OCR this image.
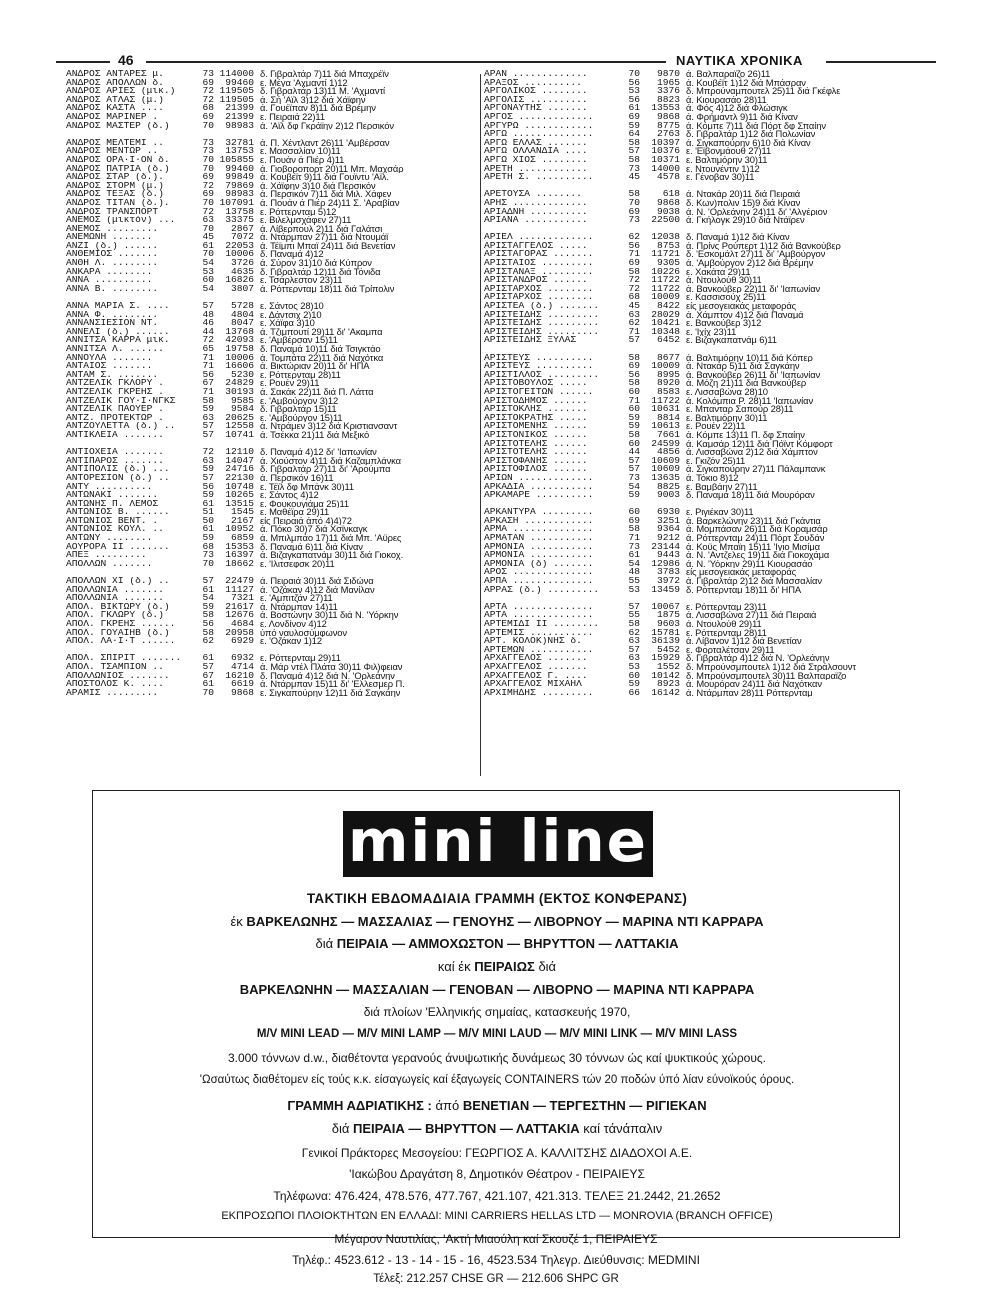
46	ΝΑΥΤΙΚΑ ΧΡΟΝΙΚΑ
ΑΝΔΡΟΣ ΑΝΤΑΡΕΣ μ.	73 114000 δ. Γιβραλτάρ 7)11 διά Μπαχρέϊν
ΑΝΔΡΟΣ ΑΠΟΛΛΩΝ δ.	69	99460 ε. Μέγα 'Αχμαντί 1)12
ΑΝΔΡΟΣ ΑΡΙΕΣ (μικ.)	72 119505 δ. Γιβραλτάρ 13)11 Μ. 'Αχμαντί
ΑΝΔΡΟΣ ΑΤΛΑΣ (μ.)	72 119505 ά. Σή 'Αϊλ 3)12 διά Χάϊφην
ΑΝΔΡΟΣ ΚΑΣΤΑ ....	68	21399 ά. Γουέϊπαν 8)11 διά Βρέμην
ΑΝΔΡΟΣ ΜΑΡΙΝΕΡ .	69	21399 ε. Πειραιά 22)11
ΑΝΔΡΟΣ ΜΑΣΤΕΡ (δ.)	70	98983 ά. 'Αϊλ δφ Γκράϊην 2)12 Περσικόν
ΑΝΔΡΟΣ ΜΕΛΤΕΜΙ ..	73	32781 ά. Π. Χέντλαντ 26)11 'Αμβέρσαν
ΑΝΔΡΟΣ ΜΕΝΤΩΡ ..	73	13753 ε. Μασσαλίαν 10)11
ΑΝΔΡΟΣ ΟΡΑ·Ι·ΟΝ δ.	70 105855 ε. Πουάν ά Πιέρ 4)11
ΑΝΔΡΟΣ ΠΑΤΡΙΑ (δ.)	70	99460 ά. Γιοβοροπορτ 20)11 Μπ. Μαχσάρ
ΑΝΔΡΟΣ ΣΤΑΡ (δ.).	69	99849 ά. Κουβέϊτ 9)11 διά Γουϊντυ 'Αϊλ.
ΑΝΔΡΟΣ ΣΤΟΡΜ (μ.)	72	79869 ά. Χάϊφην 3)10 διά Περσικόν
ΑΝΔΡΟΣ ΤΕΞΑΣ (δ.)	69	98983 ά. Περσικόν 7)11 διά Μιλ. Χάφεν
ΑΝΔΡΟΣ ΤΙΤΑΝ (δ.).	70 107091 ά. Πουάν ά Πιέρ 24)11 Σ. 'Αραβίαν
ΑΝΔΡΟΣ ΤΡΑΝΣΠΟΡΤ	72	13758 ε. Ρόττερνταμ 5)12
ΑΝΕΜΟΣ (μικτόν) ...	63	33375 ε. Βιλελμσχάφεν 27)11
ΑΝΕΜΟΣ .........	70	2867 ά. Λίβερπουλ 2)11 διά Γαλάτσι
ΑΝΕΜΩΝΗ .......	45	7072 ά. Ντάρμπαν 27)11 διά Ντουμάϊ
ΑΝΖΙ (δ.) ......	61	22053 ά. Τέϊμπι Μπαϊ 24)11 διά Βενετίαν
ΑΝΘΕΜΙΟΣ .......	70	10006 δ. Παναμά 4)12
ΑΝΘΗ Λ. ........	54	3726 ά. Σύρον 31)10 διά Κύπρον
ΑΝΚΑΡΑ ........	53	4635 δ. Γιβραλτάρ 12)11 διά Τόνιδα
ΑΝΝΑ ..........	60	16826 ε. Τσάρλεστον 23)11
ΑΝΝΑ Β. ........	54	3807 ά. Ρόττερνταμ 18)11 διά Τρίπολιν
ΑΝΝΑ ΜΑΡΙΑ Σ. ....	57	5728 ε. Σάντος 28)10
ΑΝΝΑ Φ. ........	48	4804 ε. Δάντσιχ 2)10
ΑΝΝΑΝΣΙΕΣΙΟΝ ΝΤ.	46	8047 ε. Χάϊφα 3)10
ΑΝΝΕΛΙ (δ.) ......	44	13768 ά. Τζιμπουτί 29)11 δι' 'Ακαμπα
ΑΝΝΙΤΣΑ ΚΑΡΡΑ μικ.	72	42093 ε. 'Αμβέρσαν 15)11
ΑΝΝΙΤΣΑ Λ. ......	65	19758 δ. Παναμά 10)11 διά Τσιγκτάο
ΑΝΝΟΥΛΑ .......	71	10006 ά. Τομπάτα 22)11 διά Ναχότκα
ΑΝΤΑΙΟΣ .......	71	16606 ά. Βικτώριαν 20)11 δι' ΗΠΑ
ΑΝΤΑΜ Σ. .......	56	5230 ε. Ρόττερνταμ 28)11
ΑΝΤΖΕΛΙΚ ΓΚΛΟΡΥ .	67	24829 ε. Ρουέν 29)11
ΑΝΤΖΕΛΙΚ ΓΚΡΕΗΣ .	71	30193 ά. Σακάκ 22)11 διά Π. Λάττα
ΑΝΤΖΕΛΙΚ ΓΟΥ·Ι·ΝΓΚΣ	58	9585 ε. 'Αμβούργον 3)12
ΑΝΤΖΕΛΙΚ ΠΑΟΥΕΡ .	59	9584 δ. Γιβραλτάρ 15)11
ΑΝΤΖ. ΠΡΟΤΕΚΤΩΡ .	63	20625 ε. 'Αμβούργον 15)11
ΑΝΤΖΟΥΛΕΤΤΑ (δ.) ..	57	12558 ά. Ντράμεν 3)12 διά Κριστιανσαντ
ΑΝΤΙΚΛΕΙΑ .......	57	10741 ά. Τσέκκα 21)11 διά Μεξικό
ΑΝΤΙΟΧΕΙΑ .......	72	12110 δ. Παναμά 4)12 δι' 'Ιαπωνίαν
ΑΝΤΙΠΑΡΟΣ .......	63	14047 ά. Χιούστον 4)11 διά Καζαμπλάνκα
ΑΝΤΙΠΟΛΙΣ (δ.) ...	59	24716 δ. Γιβραλτάρ 27)11 δι' 'Αρούμπα
ΑΝΤΟΡΕΣΙΟΝ (δ.) ..	57	22130 ά. Περσικόν 16)11
ΑΝΤΥ ..........	56	10748 ε. Τέϊλ δφ Μπάνκ 30)11
ΑΝΤΩΝΑΚΙ .......	59	10265 ε. Σάντος 4)12
ΑΝΤΩΝΗΣ Π. ΛΕΜΟΣ	61	13515 ε. Φουκουγιάμα 25)11
ΑΝΤΩΝΙΟΣ Β. ......	51	1545 ε. Μαθέϊρα 29)11
ΑΝΤΩΝΙΟΣ ΒΕΝΤ. .	50	2167 είς Πειραιά άπό 4)4)72
ΑΝΤΩΝΙΟΣ ΚΟΥΛ. ..	61	10952 ά. Πόκο 30)7 διά Χσϊνκαγκ
ΑΝΤΩΝΥ ........	59	6859 ά. Μπιλμπάο 17)11 διά Μπ. 'Αϋρες
ΑΟΥΡΟΡΑ ΙΙ .......	68	15353 δ. Παναμά 6)11 διά Κίναν
ΑΠΕΞ .........	73	16397 ά. Βιζαγκαπατνάμ 30)11 διά Γιοκοχ.
ΑΠΟΛΛΩΝ .......	70	18662 ε. 'Ιλιτσεφσκ 20)11
ΑΠΟΛΛΩΝ ΧΙ (δ.) ..	57	22479 ά. Πειραιά 30)11 διά Σιδώνα
ΑΠΟΛΛΩΝΙΑ .......	61	11127 ά. 'Οζάκαν 4)12 διά Μανίλαν
ΑΠΟΛΛΩΝΙΑ .......	54	7321 ε. 'Αμπιτζάν 27)11
ΑΠΟΛ. ΒΙΚΤΩΡΥ (δ.)	59	21617 ά. Ντάρμπαν 14)11
ΑΠΟΛ. ΓΚΛΩΡΥ (δ.)	58	12676 ά. Βοστώνην 30)11 διά Ν. 'Υόρκην
ΑΠΟΛ. ΓΚΡΕΗΣ ......	56	4684 ε. Λονδίνον 4)12
ΑΠΟΛ. ΓΟΥΑΙΗΒ (δ.)	58	20958 ύπό ναυλοσύμφωνον
ΑΠΟΛ. ΛΑ·Ι·Τ ......	62	6929 ε. 'Οζάκαν 1)12
ΑΠΟΛ. ΣΠΙΡΙΤ .......	61	6932 ε. Ρόττερνταμ 29)11
ΑΠΟΛ. ΤΣΑΜΠΙΟΝ ..	57	4714 ά. Μάρ ντέλ Πλάτα 30)11 Φιλ)φειαν
ΑΠΟΛΛΩΝΙΟΣ .......	67	16210 δ. Παναμά 4)12 διά Ν. 'Ορλεάνην
ΑΠΟΣΤΟΛΟΣ Κ. ....	61	6619 ά. Ντάρμπαν 15)11 δι' 'Ελλεσμερ Π.
ΑΡΑΜΙΣ .........	70	9868 ε. Σιγκαπούρην 12)11 διά Σαγκάην
ΑΡΑΝ .............	70	9870 ά. Βαλπαραϊζο 26)11
ΑΡΑΞΟΣ ..........	56	1965 ά. Κουβέϊτ 1)12 διά Μπάσραν
ΑΡΓΟΛΙΚΟΣ ........	53	3376 δ. Μπρούναμπουτελ 25)11 διά Γκέφλε
ΑΡΓΟΛΙΣ ..........	56	8823 ά. Κιουρασάο 28)11
ΑΡΓΟΝΑΥΤΗΣ .......	61	13553 ά. Φός 4)12 διά Φλώσιγκ
ΑΡΓΟΣ .............	69	9868 ά. Φρήμαντλ 9)11 διά Κίναν
ΑΡΓΥΡΩ ............	59	8775 ά. Κόμπε 7)11 διά Πόρτ δφ Σπαίην
ΑΡΓΩ ..............	64	2763 δ. Γιβραλτάρ 1)12 διά Πολωνίαν
ΑΡΓΩ ΕΛΛΑΣ .......	58	10397 ά. Σιγκαπούρην 6)10 διά Κίναν
ΑΡΓΩ ΟΛΛΑΝΔΙΑ ....	57	10376 ε. 'Εϊβονμάουθ 27)11
ΑΡΓΩ ΧΙΟΣ ........	58	10371 ε. Βαλτιμόρην 30)11
ΑΡΕΤΗ ............	73	14000 ε. Ντουνέντιν 1)12
ΑΡΕΤΗ Σ. ..........	45	4578 ε. Γένοβαν 30)11
ΑΡΕΤΟΥΣΑ ........	58	618 ά. Ντακάρ 20)11 διά Πειραιά
ΑΡΗΣ .............	70	9868 δ. Κων)πολιν 15)9 διά Κίναν
ΑΡΙΑΔΝΗ ..........	69	9038 ά. Ν. 'Ορλεάνην 24)11 δι' 'Αλγέριον
ΑΡΙΑΝΑ ...........	73	22500 ά. Γκήλογκ 29)10 διά Ντάϊρεν
ΑΡΙΕΛ .............	62	12038 δ. Παναμά 1)12 διά Κίναν
ΑΡΙΣΤΑΓΓΕΛΟΣ .....	56	8753 ά. Πρίνς Ρούπερτ 1)12 διά Βανκούβερ
ΑΡΙΣΤΑΓΟΡΑΣ .......	71	11721 δ. 'Εσκομάλτ 27)11 δι' 'Αμβούργον
ΑΡΙΣΤΑΙΟΣ .........	69	9305 ά. 'Αμβούργον 2)12 διά Βρέμην
ΑΡΙΣΤΑΝΑΞ .........	58	10226 ε. Χακάτα 29)11
ΑΡΙΣΤΑΝΔΡΟΣ ......	72	11722 ά. Ντουλούθ 30)11
ΑΡΙΣΤΑΡΧΟΣ ........	72	11722 ά. Βανκούβερ 22)11 δι' 'Ιαπωνίαν
ΑΡΙΣΤΑΡΧΟΣ ........	68	10009 ε. Κασσισούχ 25)11
ΑΡΙΣΤΕΑ (δ.) .......	45	8422 είς μεσογειακάς μεταφοράς
ΑΡΙΣΤΕΙΔΗΣ .........	63	28029 ά. Χάμπτον 4)12 διά Παναμά
ΑΡΙΣΤΕΙΔΗΣ .........	62	10421 ε. Βανκούβερ 3)12
ΑΡΙΣΤΕΙΔΗΣ .........	71	10348 ε. 'Ιχίχ 23)11
ΑΡΙΣΤΕΙΔΗΣ ΞΥΛΑΣ	57	6452 ε. Βιζαγκαπατνάμ 6)11
ΑΡΙΣΤΕΥΣ ..........	58	8677 ά. Βαλτιμόρην 10)11 διά Κόπερ
ΑΡΙΣΤΕΥΣ ..........	69	10009 ά. Ντακάρ 5)11 διά Σαγκάην
ΑΡΙΣΤΙΛΛΟΣ .........	56	8995 ά. Βανκούβερ 26)11 δι' 'Ιαπωνίαν
ΑΡΙΣΤΟΒΟΥΛΟΣ .....	58	8920 ά. Μόζη 21)11 διά Βανκούβερ
ΑΡΙΣΤΟΓΕΙΤΩΝ ......	60	8583 ε. Λισσαβώνα 28)10
ΑΡΙΣΤΟΔΗΜΟΣ ......	71	11722 ά. Κολόμπια Ρ. 28)11 'Ιαπωνίαν
ΑΡΙΣΤΟΚΛΗΣ .......	60	10631 ε. Μπανταρ Σαπούρ 28)11
ΑΡΙΣΤΟΚΡΑΤΗΣ .....	59	8814 ε. Βαλτιμόρην 30)11
ΑΡΙΣΤΟΜΕΝΗΣ ......	59	10613 ε. Ρουέν 22)11
ΑΡΙΣΤΟΝΙΚΟΣ ......	58	7661 ά. Κόμπε 13)11 Π. δφ Σπαίην
ΑΡΙΣΤΟΤΕΛΗΣ ......	60	24599 ά. Καμσάρ 12)11 διά Πόϊντ Κόμφορτ
ΑΡΙΣΤΟΤΕΛΗΣ ......	44	4856 ά. Λισσαβώνα 2)12 διά Χάμπτον
ΑΡΙΣΤΟΦΑΝΗΣ ......	57	10609 ε. Γκιζόν 25)11
ΑΡΙΣΤΟΦΙΛΟΣ ......	57	10609 ά. Σιγκαπούρην 27)11 Πάλαμπανκ
ΑΡΙΩΝ .............	73	13635 ά. Τόκιο 8)12
ΑΡΚΑΔΙΑ ...........	54	8825 ε. Βαμβάην 27)11
ΑΡΚΑΜΑΡΕ ..........	59	9003 δ. Παναμά 18)11 διά Μουρόραν
ΑΡΚΑΝΤΥΡΑ .........	60	6930 ε. Ριγιέκαν 30)11
ΑΡΚΑΣΗ ............	69	3251 ά. Βαρκελώνην 23)11 διά Γκάντια
ΑΡΜΑ ..............	58	9364 ά. Μομπάσαν 26)11 διά Κοραμσάρ
ΑΡΜΑΤΑΝ ...........	71	9212 ά. Ρόττερνταμ 24)11 Πόρτ Σουδάν
ΑΡΜΟΝΙΑ ...........	73	23144 ά. Κοϋς Μπαϊη 15)11 'Ιγιο Μισίμα
ΑΡΜΟΝΙΑ ...........	61	9443 ά. Ν. 'Αντζελες 19)11 διά Γιοκοχάμα
ΑΡΜΟΝΙΑ (δ) .......	54	12986 ά. Ν. 'Υόρκην 29)11 Κιουρασάο
ΑΡΟΣ ..............	48	3783 είς μεσογειακάς μεταφοράς
ΑΡΠΑ ..............	55	3972 ά. Γιβραλτάρ 2)12 διά Μασσαλίαν
ΑΡΡΑΣ (δ.) .........	53	13459 δ. Ρόττερνταμ 18)11 δι' ΗΠΑ
ΑΡΤΑ ..............	57	10067 ε. Ρόττερνταμ 23)11
ΑΡΤΑ ..............	55	1875 ά. Λισσαβώνα 27)11 διά Πειραιά
ΑΡΤΕΜΙΔΙ ΙΙ ........	58	9603 ά. Ντουλούθ 29)11
ΑΡΤΕΜΙΣ ...........	62	15781 ε. Ρόττερνταμ 28)11
ΑΡΤ. ΚΟΛΟΚ)ΝΗΣ δ.	63	36139 ά. Λίβανον 1)12 διά Βενετίαν
ΑΡΤΕΜΩΝ ...........	57	5452 ε. Φορταλέτσαν 29)11
ΑΡΧΑΓΓΕΛΟΣ .......	63	15929 δ. Γιβραλτάρ 4)12 διά Ν. 'Ορλεάνην
ΑΡΧΑΓΓΕΛΟΣ .......	53	1552 δ. Μπρούνσμπουτελ 1)12 διά Στράλσουντ
ΑΡΧΑΓΓΕΛΟΣ Γ. ....	60	10142 δ. Μπρούνσμπουτελ 30)11 Βαλπαραϊζο
ΑΡΧΑΓΓΕΛΟΣ ΜΙΧΑΗΛ	59	8923 ά. Μουρόραν 24)11 διά Ναχότκαν
ΑΡΧΙΜΗΔΗΣ .........	66	16142 ά. Ντάρμπαν 28)11 Ρόττερνταμ
mini line
ΤΑΚΤΙΚΗ ΕΒΔΟΜΑΔΙΑΙΑ ΓΡΑΜΜΗ (ΕΚΤΟΣ ΚΟΝΦΕΡΑΝΣ)
έκ ΒΑΡΚΕΛΩΝΗΣ — ΜΑΣΣΑΛΙΑΣ — ΓΕΝΟΥΗΣ — ΛΙΒΟΡΝΟΥ — ΜΑΡΙΝΑ ΝΤΙ ΚΑΡΡΑΡΑ
διά ΠΕΙΡΑΙΑ — ΑΜΜΟΧΩΣΤΟΝ — ΒΗΡΥΤΤΟΝ — ΛΑΤΤΑΚΙΑ
καί έκ ΠΕΙΡΑΙΩΣ διά
ΒΑΡΚΕΛΩΝΗΝ — ΜΑΣΣΑΛΙΑΝ — ΓΕΝΟΒΑΝ — ΛΙΒΟΡΝΟ — ΜΑΡΙΝΑ ΝΤΙ ΚΑΡΡΑΡΑ
διά πλοίων 'Ελληνικής σημαίας, κατασκευής 1970,
M/V MINI LEAD — M/V MINI LAMP — M/V MINI LAUD — M/V MINI LINK — M/V MINI LASS
3.000 τόννων d.w., διαθέτοντα γερανούς άνυψωτικής δυνάμεως 30 τόννων ώς καί ψυκτικούς χώρους.
'Ωσαύτως διαθέτομεν είς τούς κ.κ. είσαγωγείς καί έξαγωγείς CONTAINERS τών 20 ποδών ύπό λίαν εύνοϊκούς όρους.
ΓΡΑΜΜΗ ΑΔΡΙΑΤΙΚΗΣ : άπό ΒΕΝΕΤΙΑΝ — ΤΕΡΓΕΣΤΗΝ — ΡΙΓΙΕΚΑΝ
διά ΠΕΙΡΑΙΑ — ΒΗΡΥΤΤΟΝ — ΛΑΤΤΑΚΙΑ καί τάνάπαλιν
Γενικοί Πράκτορες Μεσογείου: ΓΕΩΡΓΙΟΣ Α. ΚΑΛΛΙΤΣΗΣ ΔΙΑΔΟΧΟΙ Α.Ε.
'Ιακώβου Δραγάτση 8, Δημοτικόν Θέατρον - ΠΕΙΡΑΙΕΥΣ
Τηλέφωνα: 476.424, 478.576, 477.767, 421.107, 421.313. ΤΕΛΕΞ 21.2442, 21.2652
ΕΚΠΡΟΣΩΠΟΙ ΠΛΟΙΟΚΤΗΤΩΝ ΕΝ ΕΛΛΑΔΙ: MINI CARRIERS HELLAS LTD — MONROVIA (BRANCH OFFICE)
Μέγαρον Ναυτιλίας, 'Ακτή Μιαούλη καί Σκουζέ 1, ΠΕΙΡΑΙΕΥΣ
Τηλέφ.: 4523.612 - 13 - 14 - 15 - 16, 4523.534 Τηλεγρ. Διεύθυνσις: MEDMINI
Τέλεξ: 212.257 CHSE GR — 212.606 SHPC GR
